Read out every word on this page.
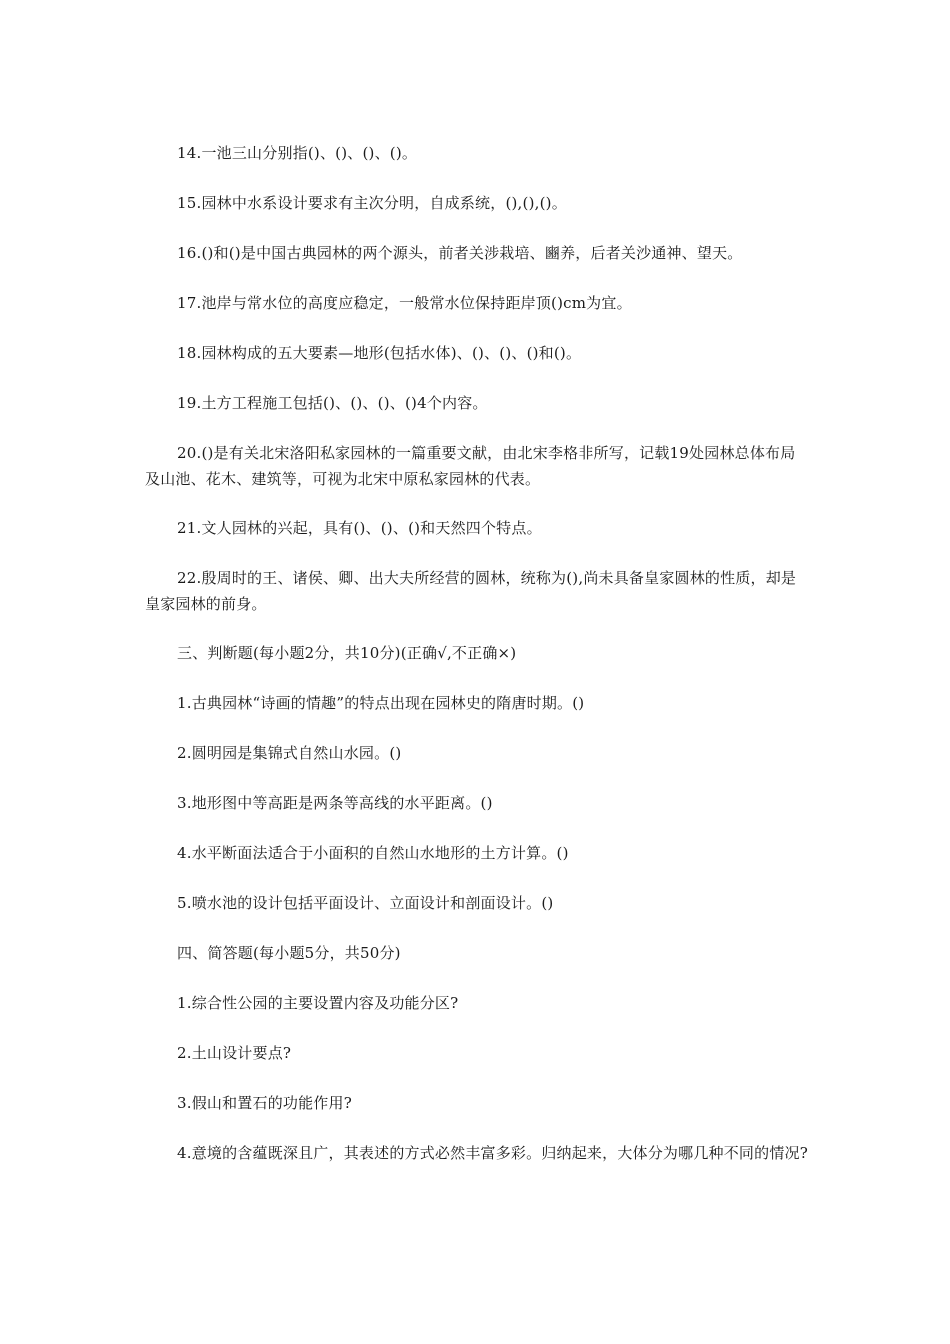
14.一池三山分别指()、()、()、()。

15.园林中水系设计要求有主次分明，自成系统，(),(),()。

16.()和()是中国古典园林的两个源头，前者关涉栽培、豳养，后者关沙通神、望天。

17.池岸与常水位的高度应稳定，一般常水位保持距岸顶()cm为宜。

18.园林构成的五大要素—地形(包括水体)、()、()、()和()。

19.土方工程施工包括()、()、()、()4个内容。

20.()是有关北宋洛阳私家园林的一篇重要文献，由北宋李格非所写，记载19处园林总体布局及山池、花木、建筑等，可视为北宋中原私家园林的代表。

21.文人园林的兴起，具有()、()、()和天然四个特点。

22.殷周时的王、诸侯、卿、出大夫所经营的圆林，统称为(),尚未具备皇家圆林的性质，却是皇家园林的前身。

三、判断题(每小题2分，共10分)(正确√,不正确×)

1.古典园林“诗画的情趣”的特点出现在园林史的隋唐时期。()

2.圆明园是集锦式自然山水园。()

3.地形图中等高距是两条等高线的水平距离。()

4.水平断面法适合于小面积的自然山水地形的土方计算。()

5.喷水池的设计包括平面设计、立面设计和剖面设计。()

四、简答题(每小题5分，共50分)

1.综合性公园的主要设置内容及功能分区?

2.土山设计要点?

3.假山和置石的功能作用?

4.意境的含蕴既深且广，其表述的方式必然丰富多彩。归纳起来，大体分为哪几种不同的情况?
